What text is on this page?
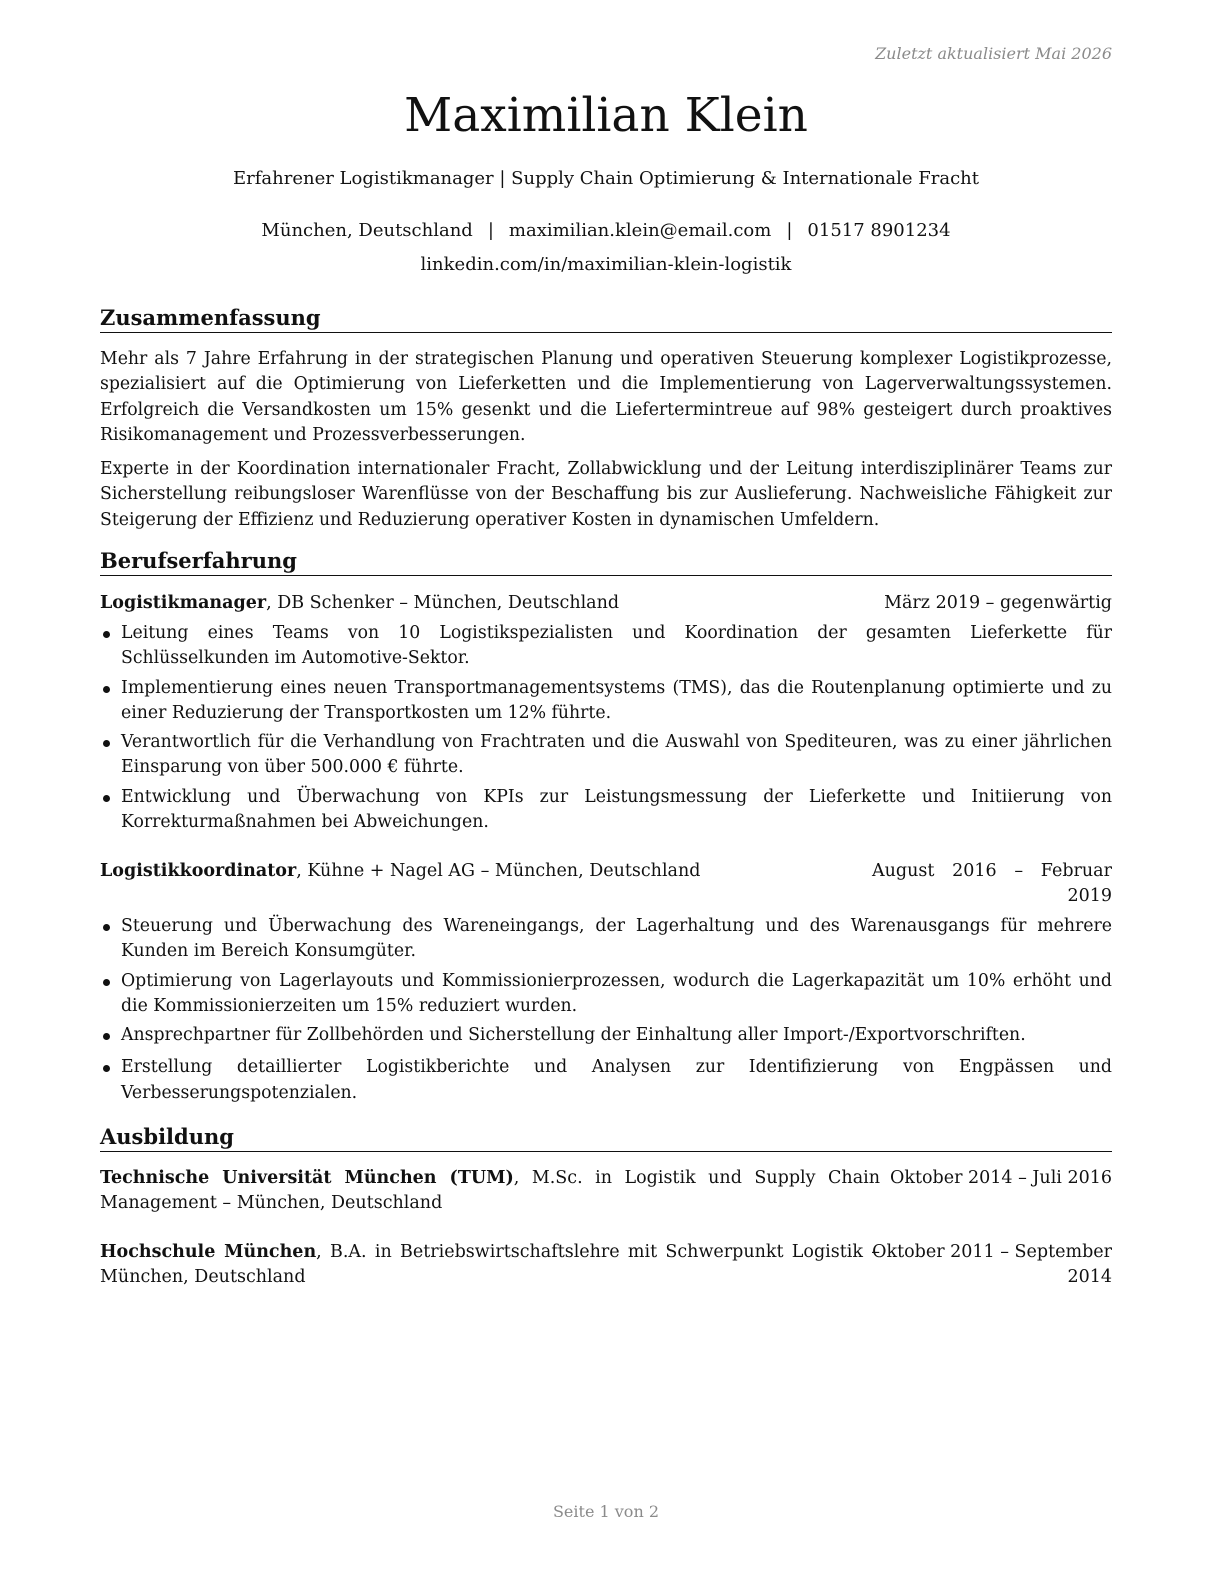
Zuletzt aktualisiert Mai 2026
Maximilian Klein
Erfahrener Logistikmanager | Supply Chain Optimierung & Internationale Fracht
München, Deutschland | maximilian.klein@email.com | 01517 8901234
linkedin.com/in/maximilian-klein-logistik
Zusammenfassung

Mehr als 7 Jahre Erfahrung in der strategischen Planung und operativen Steuerung komplexer Logistikprozesse, spezialisiert auf die Optimierung von Lieferketten und die Implementierung von Lagerverwaltungssystemen. Erfolgreich die Versandkosten um 15% gesenkt und die Liefertermintreue auf 98% gesteigert durch proaktives Risikomanagement und Prozessverbesserungen.

Experte in der Koordination internationaler Fracht, Zollabwicklung und der Leitung interdisziplinärer Teams zur Sicherstellung reibungsloser Warenflüsse von der Beschaffung bis zur Auslieferung. Nachweisliche Fähigkeit zur Steigerung der Effizienz und Reduzierung operativer Kosten in dynamischen Umfeldern.

Berufserfahrung
Logistikmanager, DB Schenker – München, Deutschland	März 2019 – gegenwärtig
Leitung eines Teams von 10 Logistikspezialisten und Koordination der gesamten Lieferkette für Schlüsselkunden im Automotive-Sektor.
Implementierung eines neuen Transportmanagementsystems (TMS), das die Routenplanung optimierte und zu einer Reduzierung der Transportkosten um 12% führte.
Verantwortlich für die Verhandlung von Frachtraten und die Auswahl von Spediteuren, was zu einer jährlichen Einsparung von über 500.000 € führte.
Entwicklung und Überwachung von KPIs zur Leistungsmessung der Lieferkette und Initiierung von Korrekturmaßnahmen bei Abweichungen.
Logistikkoordinator, Kühne + Nagel AG – München, Deutschland	August 2016 – Februar 2019
Steuerung und Überwachung des Wareneingangs, der Lagerhaltung und des Warenausgangs für mehrere Kunden im Bereich Konsumgüter.
Optimierung von Lagerlayouts und Kommissionierprozessen, wodurch die Lagerkapazität um 10% erhöht und die Kommissionierzeiten um 15% reduziert wurden.
Ansprechpartner für Zollbehörden und Sicherstellung der Einhaltung aller Import-/Exportvorschriften.
Erstellung detaillierter Logistikberichte und Analysen zur Identifizierung von Engpässen und Verbesserungspotenzialen.
Ausbildung
Technische Universität München (TUM), M.Sc. in Logistik und Supply Chain Management – München, Deutschland
Oktober 2014 – Juli 2016
Hochschule München, B.A. in Betriebswirtschaftslehre mit Schwerpunkt Logistik – München, Deutschland
Oktober 2011 – September 2014
Seite 1 von 2
